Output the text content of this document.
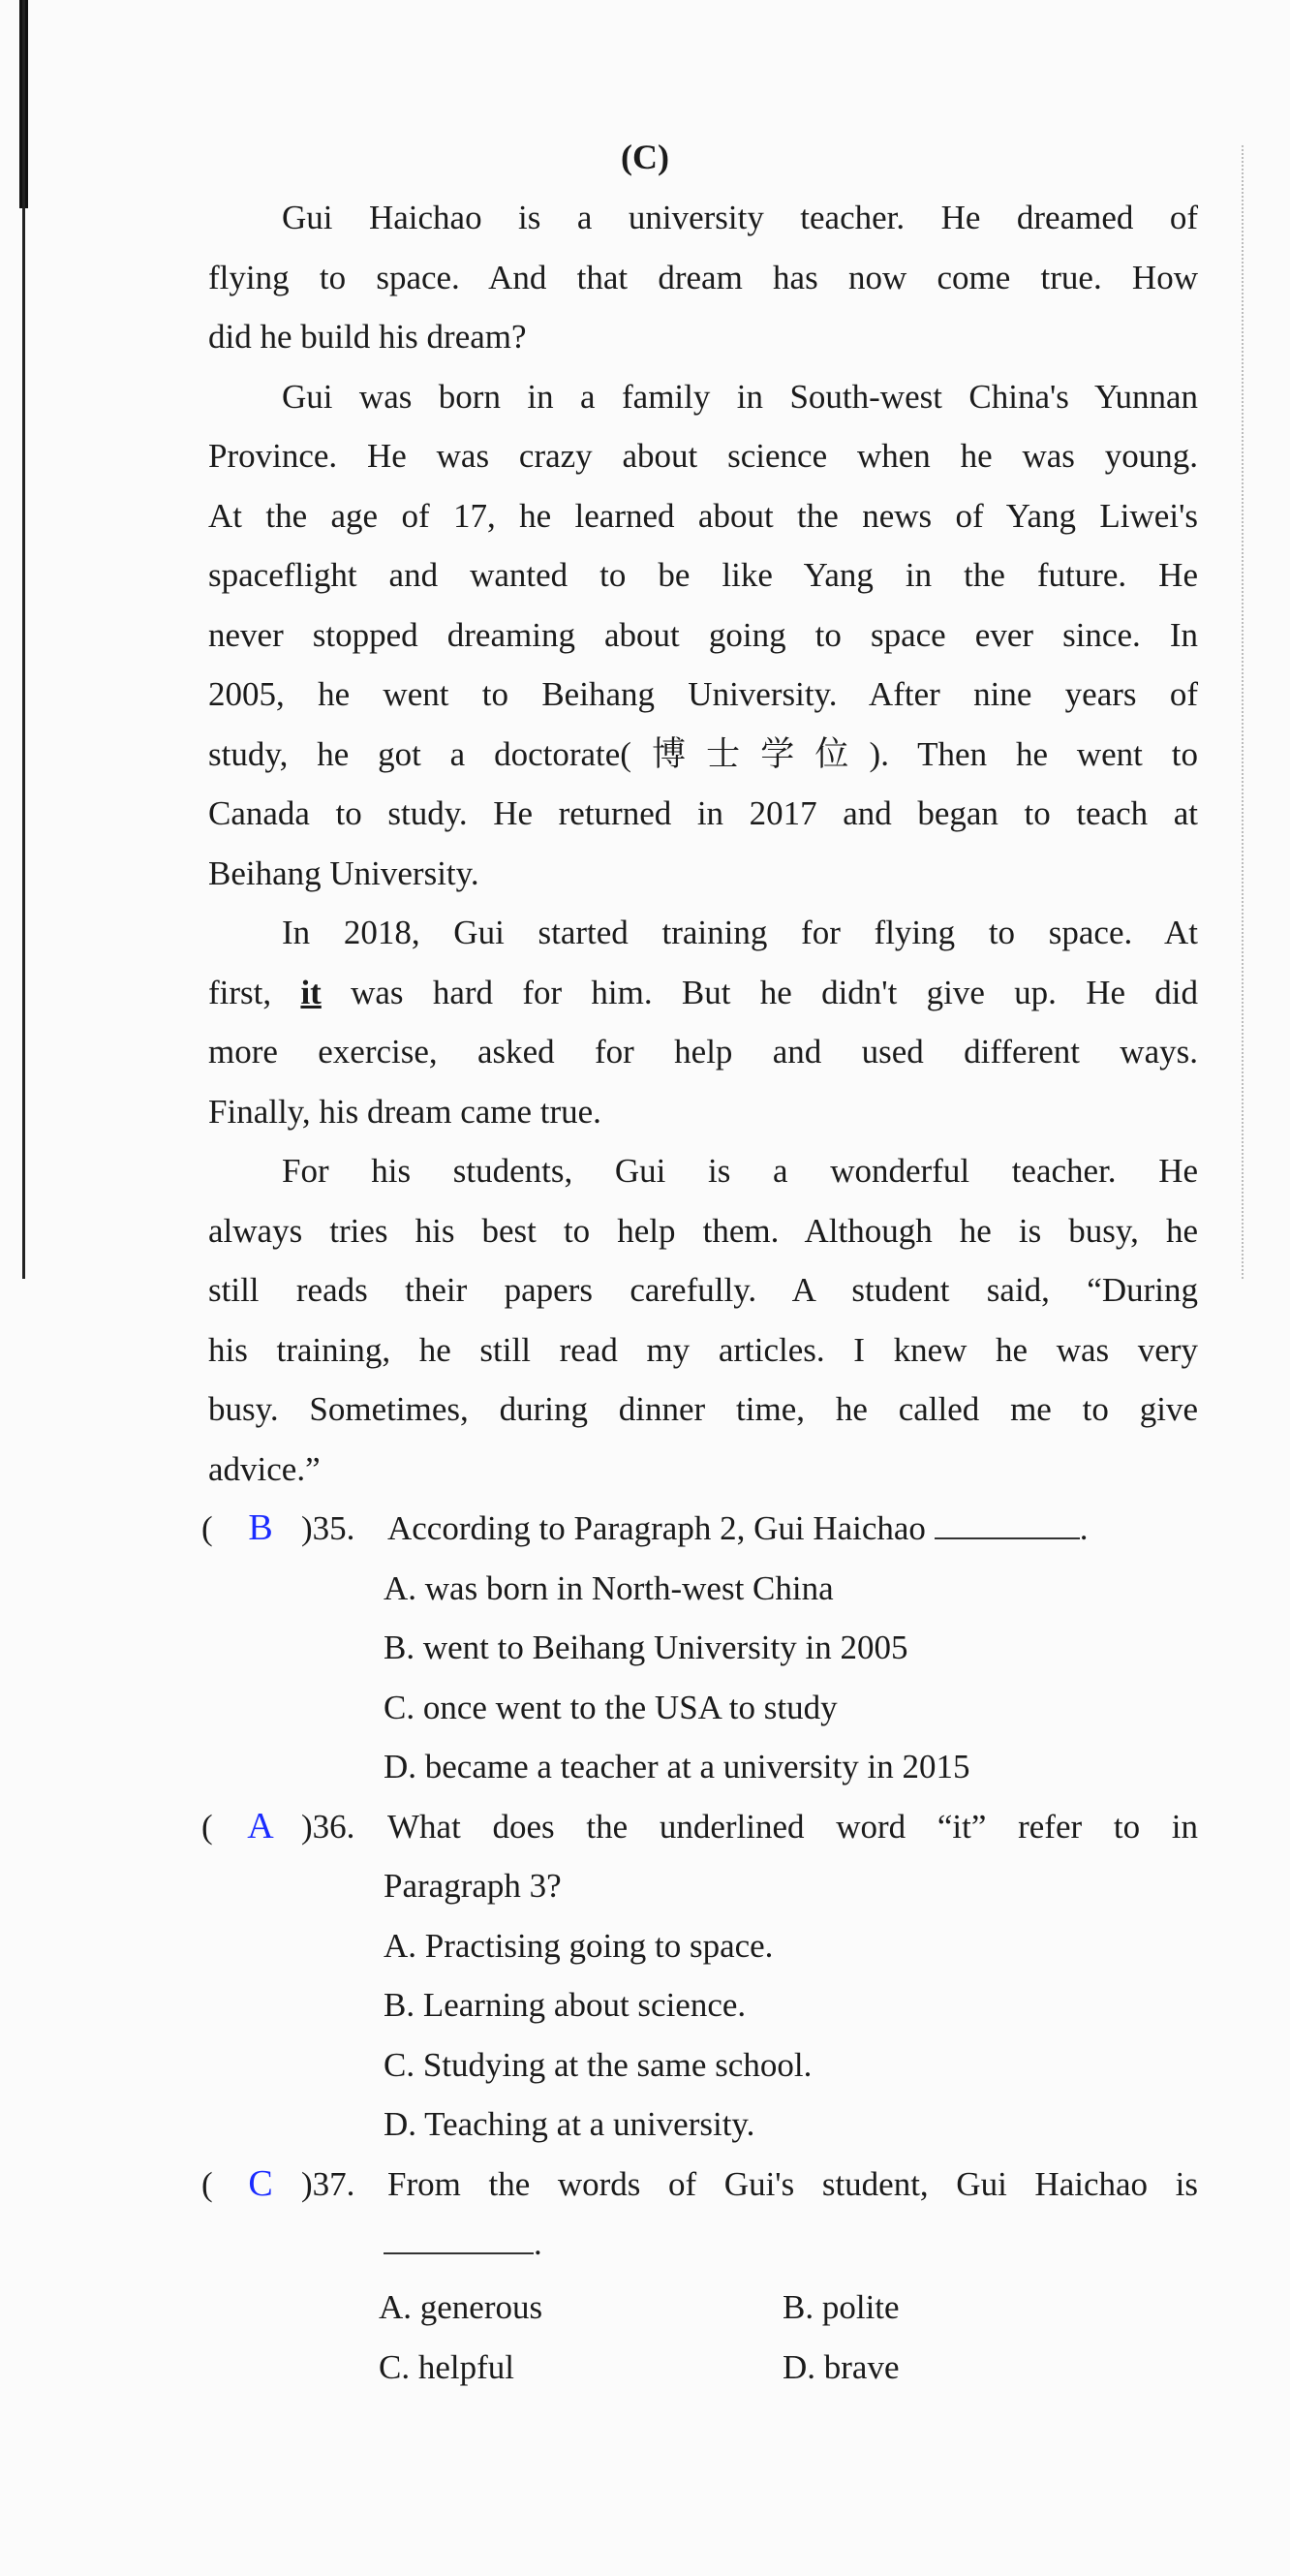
(C)
Gui Haichao is a university teacher. He dreamed of
flying to space. And that dream has now come true. How
did he build his dream?
Gui was born in a family in South-west China's Yunnan
Province. He was crazy about science when he was young.
At the age of 17, he learned about the news of Yang Liwei's
spaceflight and wanted to be like Yang in the future. He
never stopped dreaming about going to space ever since. In
2005, he went to Beihang University. After nine years of
study, he got a doctorate(博士学位). Then he went to
Canada to study. He returned in 2017 and began to teach at
Beihang University.
In 2018, Gui started training for flying to space. At
first, it was hard for him. But he didn't give up. He did
more exercise, asked for help and used different ways.
Finally, his dream came true.
For his students, Gui is a wonderful teacher. He
always tries his best to help them. Although he is busy, he
still reads their papers carefully. A student said, “During
his training, he still read my articles. I knew he was very
busy. Sometimes, during dinner time, he called me to give
advice.”
( B )35. According to Paragraph 2, Gui Haichao	.
A. was born in North-west China
B. went to Beihang University in 2005
C. once went to the USA to study
D. became a teacher at a university in 2015
( A )36. What does the underlined word “it” refer to in
Paragraph 3?
A. Practising going to space.
B. Learning about science.
C. Studying at the same school.
D. Teaching at a university.
( C )37. From the words of Gui's student, Gui Haichao is
.
A. generous	B. polite
C. helpful	D. brave
